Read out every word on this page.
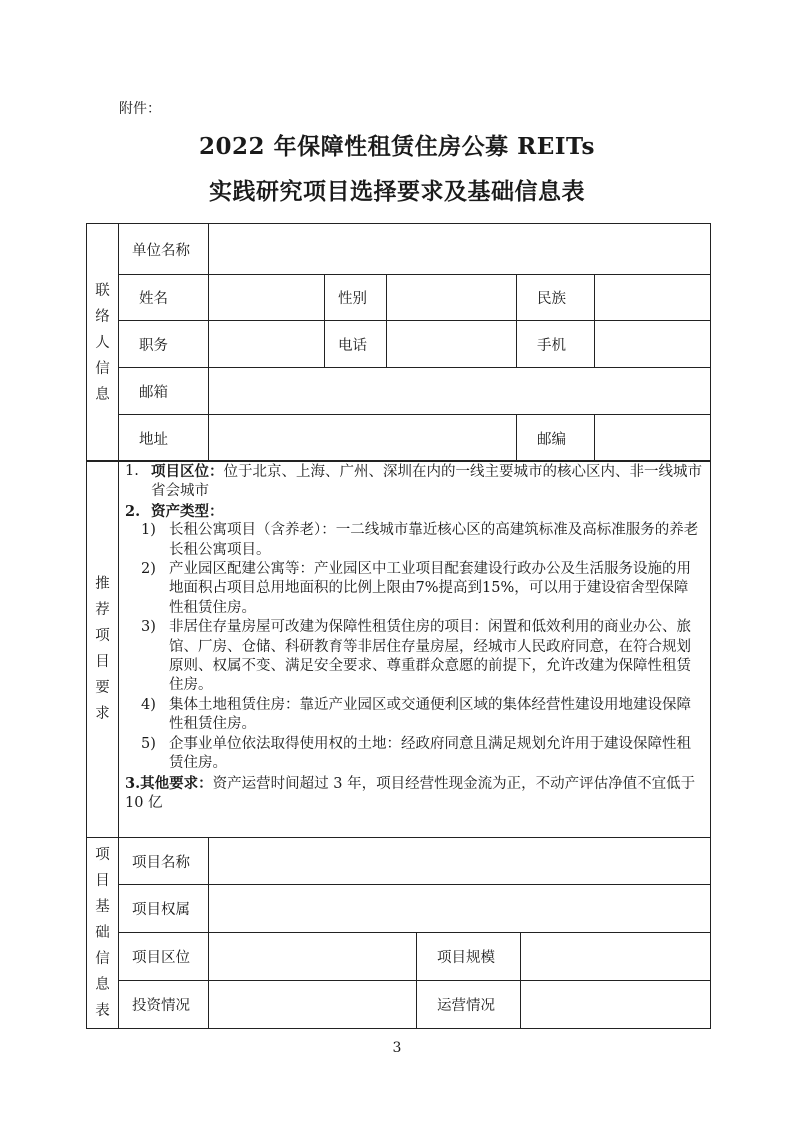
附件：
2022 年保障性租赁住房公募 REITs
实践研究项目选择要求及基础信息表
联络人信息	单位名称					
	姓名		性别		民族	
	职务		电话		手机	
	邮箱					
	地址				邮编	
推荐项目要求

1. 项目区位：位于北京、上海、广州、深圳在内的一线主要城市的核心区内、非一线城市省会城市
2. 资产类型：
1) 长租公寓项目（含养老）：一二线城市靠近核心区的高建筑标准及高标准服务的养老长租公寓项目。
2) 产业园区配建公寓等：产业园区中工业项目配套建设行政办公及生活服务设施的用地面积占项目总用地面积的比例上限由7%提高到15%，可以用于建设宿舍型保障性租赁住房。
3) 非居住存量房屋可改建为保障性租赁住房的项目：闲置和低效利用的商业办公、旅馆、厂房、仓储、科研教育等非居住存量房屋，经城市人民政府同意，在符合规划原则、权属不变、满足安全要求、尊重群众意愿的前提下，允许改建为保障性租赁住房。
4) 集体土地租赁住房：靠近产业园区或交通便利区域的集体经营性建设用地建设保障性租赁住房。
5) 企事业单位依法取得使用权的土地：经政府同意且满足规划允许用于建设保障性租赁住房。
3.其他要求：资产运营时间超过 3 年，项目经营性现金流为正，不动产评估净值不宜低于 10 亿
项目基础信息表	项目名称			
	项目权属			
	项目区位		项目规模	
	投资情况		运营情况	
3
